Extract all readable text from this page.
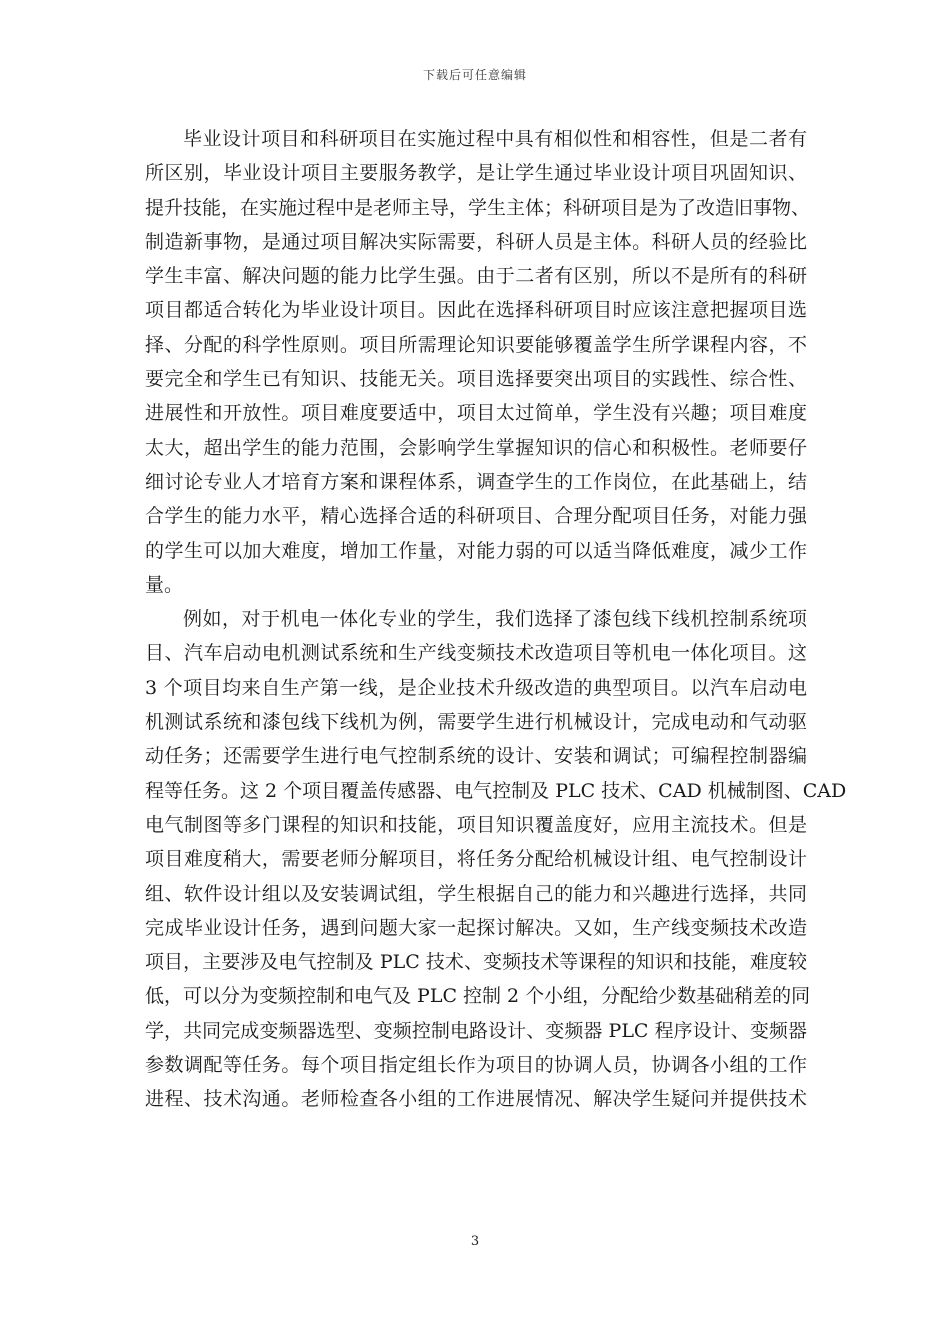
下载后可任意编辑
毕业设计项目和科研项目在实施过程中具有相似性和相容性，但是二者有
所区别，毕业设计项目主要服务教学，是让学生通过毕业设计项目巩固知识、
提升技能，在实施过程中是老师主导，学生主体；科研项目是为了改造旧事物、
制造新事物，是通过项目解决实际需要，科研人员是主体。科研人员的经验比
学生丰富、解决问题的能力比学生强。由于二者有区别，所以不是所有的科研
项目都适合转化为毕业设计项目。因此在选择科研项目时应该注意把握项目选
择、分配的科学性原则。项目所需理论知识要能够覆盖学生所学课程内容，不
要完全和学生已有知识、技能无关。项目选择要突出项目的实践性、综合性、
进展性和开放性。项目难度要适中，项目太过简单，学生没有兴趣；项目难度
太大，超出学生的能力范围，会影响学生掌握知识的信心和积极性。老师要仔
细讨论专业人才培育方案和课程体系，调查学生的工作岗位，在此基础上，结
合学生的能力水平，精心选择合适的科研项目、合理分配项目任务，对能力强
的学生可以加大难度，增加工作量，对能力弱的可以适当降低难度，减少工作
量。
例如，对于机电一体化专业的学生，我们选择了漆包线下线机控制系统项
目、汽车启动电机测试系统和生产线变频技术改造项目等机电一体化项目。这
3 个项目均来自生产第一线，是企业技术升级改造的典型项目。以汽车启动电
机测试系统和漆包线下线机为例，需要学生进行机械设计，完成电动和气动驱
动任务；还需要学生进行电气控制系统的设计、安装和调试；可编程控制器编
程等任务。这 2 个项目覆盖传感器、电气控制及 PLC 技术、CAD 机械制图、CAD
电气制图等多门课程的知识和技能，项目知识覆盖度好，应用主流技术。但是
项目难度稍大，需要老师分解项目，将任务分配给机械设计组、电气控制设计
组、软件设计组以及安装调试组，学生根据自己的能力和兴趣进行选择，共同
完成毕业设计任务，遇到问题大家一起探讨解决。又如，生产线变频技术改造
项目，主要涉及电气控制及 PLC 技术、变频技术等课程的知识和技能，难度较
低，可以分为变频控制和电气及 PLC 控制 2 个小组，分配给少数基础稍差的同
学，共同完成变频器选型、变频控制电路设计、变频器 PLC 程序设计、变频器
参数调配等任务。每个项目指定组长作为项目的协调人员，协调各小组的工作
进程、技术沟通。老师检查各小组的工作进展情况、解决学生疑问并提供技术
3
